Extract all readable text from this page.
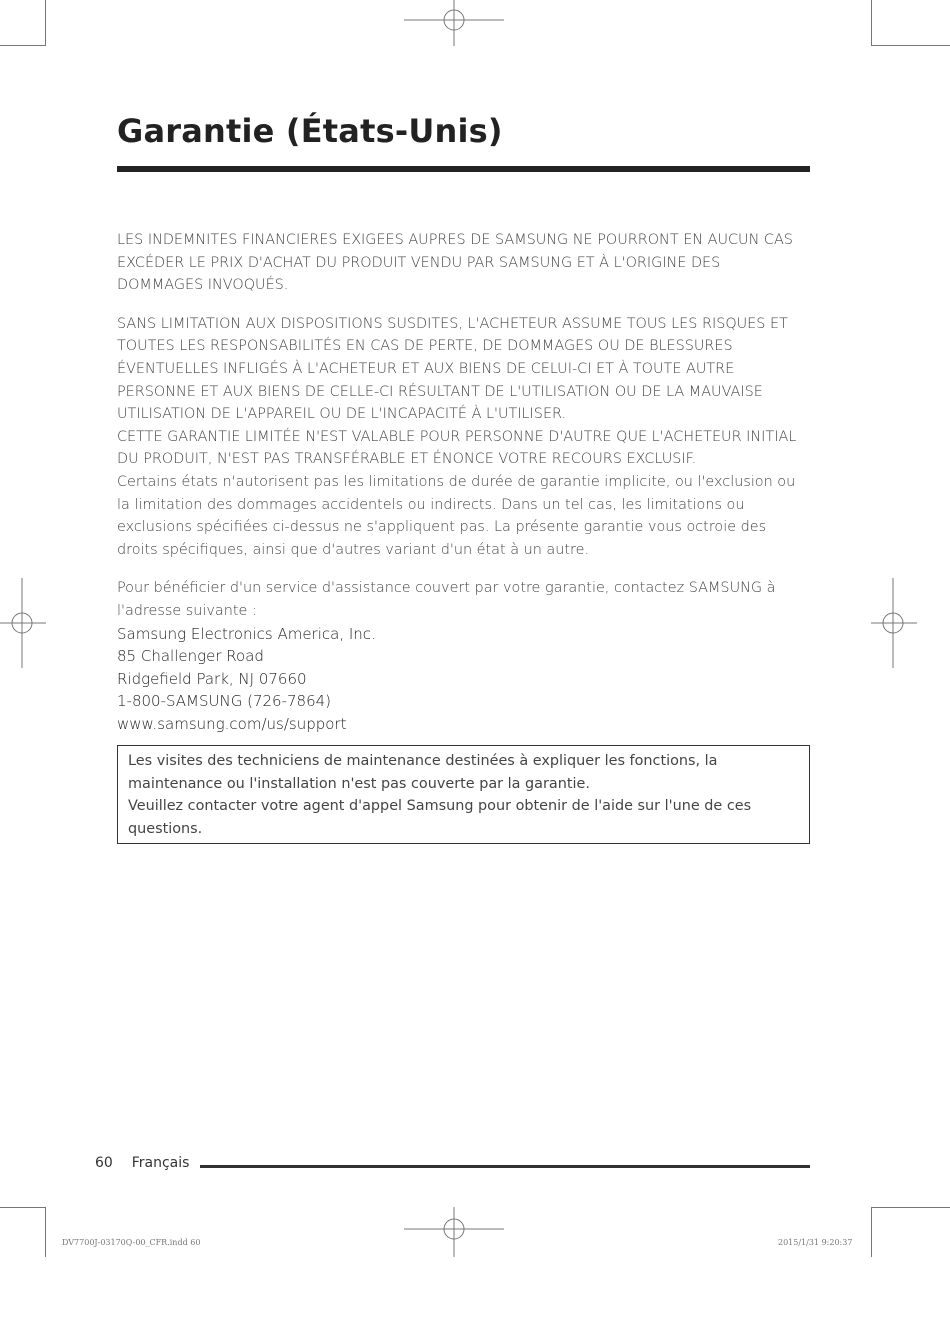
Garantie (États-Unis)

LES INDEMNITES FINANCIERES EXIGEES AUPRES DE SAMSUNG NE POURRONT EN AUCUN CAS EXCÉDER LE PRIX D'ACHAT DU PRODUIT VENDU PAR SAMSUNG ET À L'ORIGINE DES DOMMAGES INVOQUÉS.

SANS LIMITATION AUX DISPOSITIONS SUSDITES, L'ACHETEUR ASSUME TOUS LES RISQUES ET TOUTES LES RESPONSABILITÉS EN CAS DE PERTE, DE DOMMAGES OU DE BLESSURES ÉVENTUELLES INFLIGÉS À L'ACHETEUR ET AUX BIENS DE CELUI-CI ET À TOUTE AUTRE PERSONNE ET AUX BIENS DE CELLE-CI RÉSULTANT DE L'UTILISATION OU DE LA MAUVAISE UTILISATION DE L'APPAREIL OU DE L'INCAPACITÉ À L'UTILISER.

CETTE GARANTIE LIMITÉE N'EST VALABLE POUR PERSONNE D'AUTRE QUE L'ACHETEUR INITIAL DU PRODUIT, N'EST PAS TRANSFÉRABLE ET ÉNONCE VOTRE RECOURS EXCLUSIF.

Certains états n'autorisent pas les limitations de durée de garantie implicite, ou l'exclusion ou la limitation des dommages accidentels ou indirects. Dans un tel cas, les limitations ou exclusions spécifiées ci-dessus ne s'appliquent pas. La présente garantie vous octroie des droits spécifiques, ainsi que d'autres variant d'un état à un autre.

Pour bénéficier d'un service d'assistance couvert par votre garantie, contactez SAMSUNG à l'adresse suivante :

Samsung Electronics America, Inc.
85 Challenger Road
Ridgefield Park, NJ 07660
1-800-SAMSUNG (726-7864)
www.samsung.com/us/support

Les visites des techniciens de maintenance destinées à expliquer les fonctions, la maintenance ou l'installation n'est pas couverte par la garantie.

Veuillez contacter votre agent d'appel Samsung pour obtenir de l'aide sur l'une de ces questions.

60 Français
DV7700J-03170Q-00_CFR.indd 60	2015/1/31 9:20:37
